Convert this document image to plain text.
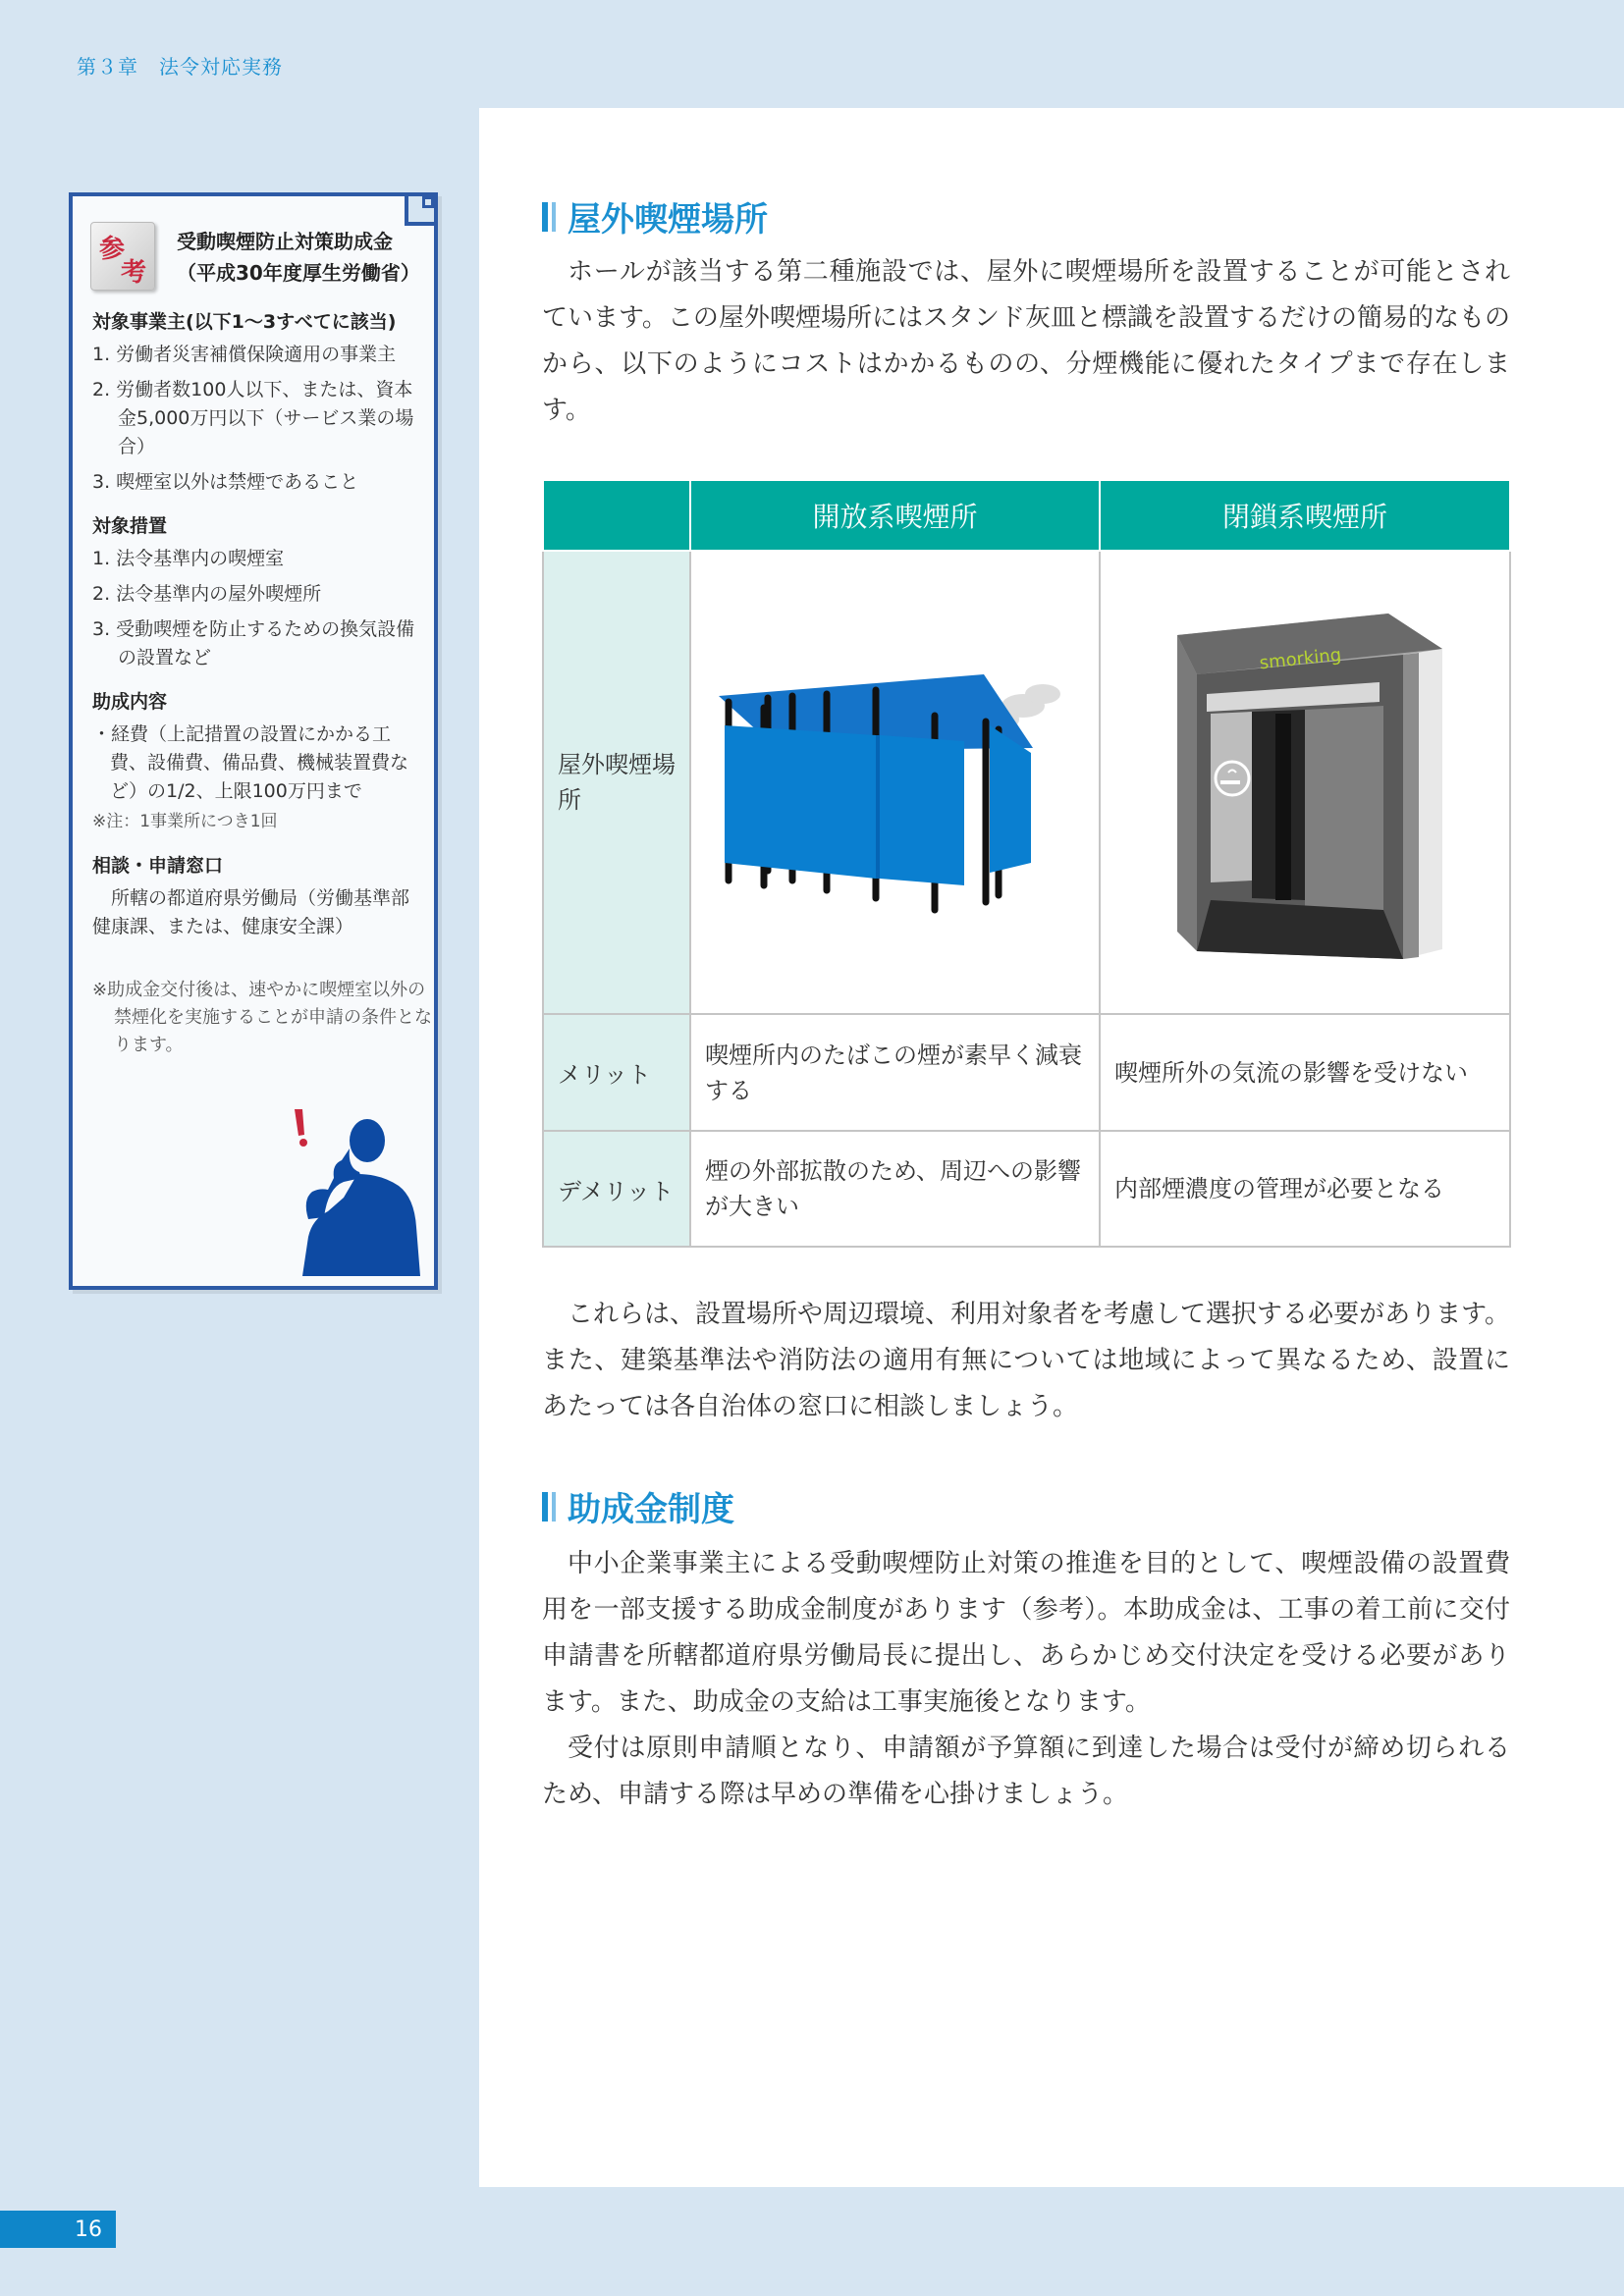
第３章　法令対応実務
参
考
受動喫煙防止対策助成金
（平成30年度厚生労働省）
対象事業主(以下1～3すべてに該当)
1. 労働者災害補償保険適用の事業主
2. 労働者数100人以下、または、資本金5,000万円以下（サービス業の場合）
3. 喫煙室以外は禁煙であること
対象措置
1. 法令基準内の喫煙室
2. 法令基準内の屋外喫煙所
3. 受動喫煙を防止するための換気設備の設置など
助成内容
・経費（上記措置の設置にかかる工費、設備費、備品費、機械装置費など）の1/2、上限100万円まで
※注：1事業所につき1回
相談・申請窓口
所轄の都道府県労働局（労働基準部健康課、または、健康安全課）
※助成金交付後は、速やかに喫煙室以外の禁煙化を実施することが申請の条件となります。
屋外喫煙場所

ホールが該当する第二種施設では、屋外に喫煙場所を設置することが可能とされています。この屋外喫煙場所にはスタンド灰皿と標識を設置するだけの簡易的なものから、以下のようにコストはかかるものの、分煙機能に優れたタイプまで存在します。

	開放系喫煙所	閉鎖系喫煙所
屋外喫煙場所		smorking

メリット	喫煙所内のたばこの煙が素早く減衰する	喫煙所外の気流の影響を受けない
デメリット	煙の外部拡散のため、周辺への影響が大きい	内部煙濃度の管理が必要となる

これらは、設置場所や周辺環境、利用対象者を考慮して選択する必要があります。また、建築基準法や消防法の適用有無については地域によって異なるため、設置にあたっては各自治体の窓口に相談しましょう。

助成金制度

中小企業事業主による受動喫煙防止対策の推進を目的として、喫煙設備の設置費用を一部支援する助成金制度があります（参考）。本助成金は、工事の着工前に交付申請書を所轄都道府県労働局長に提出し、あらかじめ交付決定を受ける必要があります。また、助成金の支給は工事実施後となります。

受付は原則申請順となり、申請額が予算額に到達した場合は受付が締め切られるため、申請する際は早めの準備を心掛けましょう。

16
